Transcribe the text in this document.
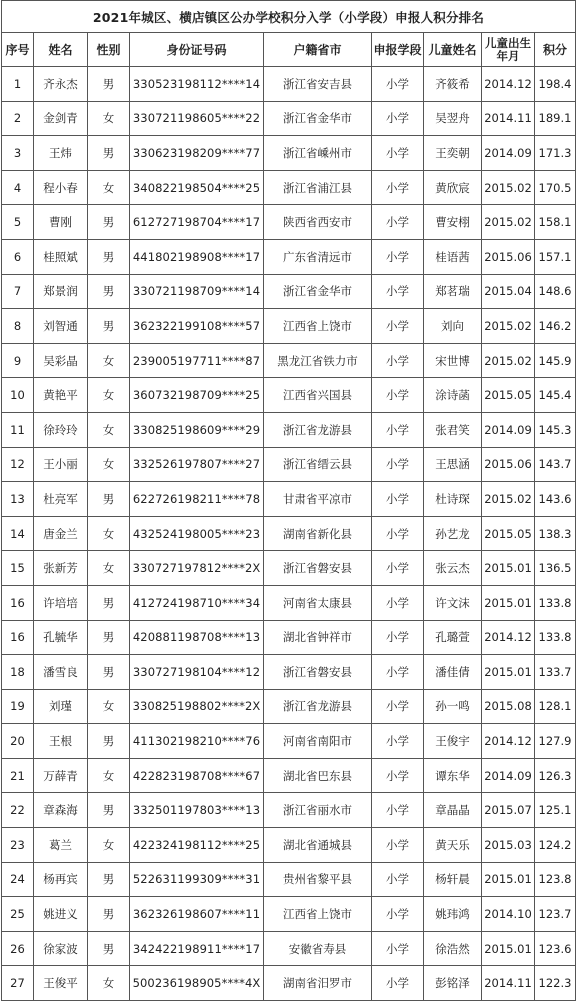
2021年城区、横店镇区公办学校积分入学（小学段）申报人积分排名								
序号	姓名	性别	身份证号码	户籍省市	申报学段	儿童姓名	儿童出生年月	积分
1	齐永杰	男	330523198112****14	浙江省安吉县	小学	齐筱希	2014.12	198.4
2	金剑青	女	330721198605****22	浙江省金华市	小学	吴翌舟	2014.11	189.1
3	王炜	男	330623198209****77	浙江省嵊州市	小学	王奕朝	2014.09	171.3
4	程小春	女	340822198504****25	浙江省浦江县	小学	黄欣宸	2015.02	170.5
5	曹刚	男	612727198704****17	陕西省西安市	小学	曹安栩	2015.02	158.1
6	桂照斌	男	441802198908****17	广东省清远市	小学	桂语茜	2015.06	157.1
7	郑景润	男	330721198709****14	浙江省金华市	小学	郑茗瑞	2015.04	148.6
8	刘智通	男	362322199108****57	江西省上饶市	小学	刘向	2015.02	146.2
9	吴彩晶	女	239005197711****87	黑龙江省铁力市	小学	宋世博	2015.02	145.9
10	黄艳平	女	360732198709****25	江西省兴国县	小学	涂诗菡	2015.05	145.4
11	徐玲玲	女	330825198609****29	浙江省龙游县	小学	张君笑	2014.09	145.3
12	王小丽	女	332526197807****27	浙江省缙云县	小学	王思涵	2015.06	143.7
13	杜亮军	男	622726198211****78	甘肃省平凉市	小学	杜诗琛	2015.02	143.6
14	唐金兰	女	432524198005****23	湖南省新化县	小学	孙艺龙	2015.05	138.3
15	张新芳	女	330727197812****2X	浙江省磐安县	小学	张云杰	2015.01	136.5
16	许培培	男	412724198710****34	河南省太康县	小学	许文沫	2015.01	133.8
16	孔毓华	男	420881198708****13	湖北省钟祥市	小学	孔璐萱	2014.12	133.8
18	潘雪良	男	330727198104****12	浙江省磐安县	小学	潘佳倩	2015.01	133.7
19	刘瑾	女	330825198802****2X	浙江省龙游县	小学	孙一鸣	2015.08	128.1
20	王根	男	411302198210****76	河南省南阳市	小学	王俊宇	2014.12	127.9
21	万薛青	女	422823198708****67	湖北省巴东县	小学	谭东华	2014.09	126.3
22	章森海	男	332501197803****13	浙江省丽水市	小学	章晶晶	2015.07	125.1
23	葛兰	女	422324198112****25	湖北省通城县	小学	黄天乐	2015.03	124.2
24	杨再宾	男	522631199309****31	贵州省黎平县	小学	杨轩晨	2015.01	123.8
25	姚进义	男	362326198607****11	江西省上饶市	小学	姚玮鸿	2014.10	123.7
26	徐家波	男	342422198911****17	安徽省寿县	小学	徐浩然	2015.01	123.6
27	王俊平	女	500236198905****4X	湖南省汨罗市	小学	彭铭泽	2014.11	122.3
